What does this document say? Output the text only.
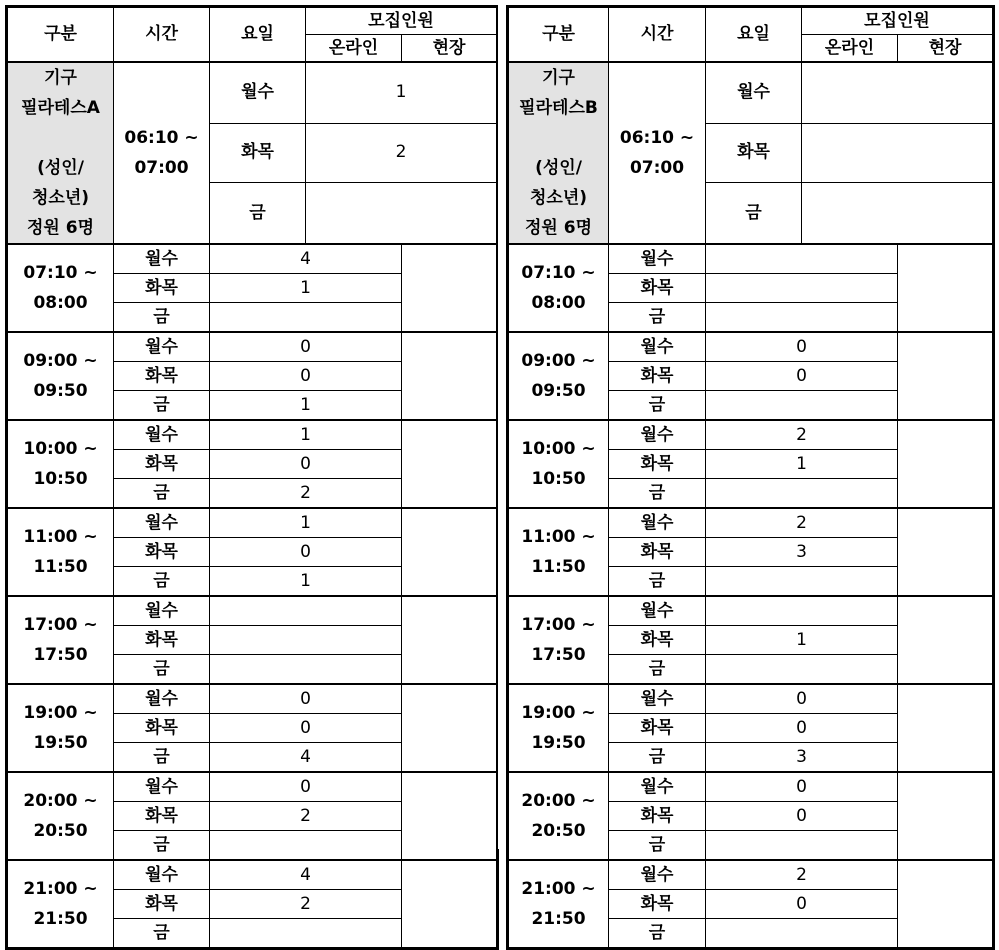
구분	시간	요일	모집인원	
			온라인	현장
기구
필라테스A

(성인/
청소년)
정원 6명	06:10 ~
07:00	월수	1	
		화목	2	
		금		
07:10 ~
08:00	월수	4		
	화목	1		
	금			
09:00 ~
09:50	월수	0		
	화목	0		
	금	1		
10:00 ~
10:50	월수	1		
	화목	0		
	금	2		
11:00 ~
11:50	월수	1		
	화목	0		
	금	1		
17:00 ~
17:50	월수			
	화목			
	금			
19:00 ~
19:50	월수	0		
	화목	0		
	금	4		
20:00 ~
20:50	월수	0		
	화목	2		
	금			
21:00 ~
21:50	월수	4		
	화목	2		
	금			
구분	시간	요일	모집인원	
			온라인	현장
기구
필라테스B

(성인/
청소년)
정원 6명	06:10 ~
07:00	월수		
		화목		
		금		
07:10 ~
08:00	월수			
	화목			
	금			
09:00 ~
09:50	월수	0		
	화목	0		
	금			
10:00 ~
10:50	월수	2		
	화목	1		
	금			
11:00 ~
11:50	월수	2		
	화목	3		
	금			
17:00 ~
17:50	월수			
	화목	1		
	금			
19:00 ~
19:50	월수	0		
	화목	0		
	금	3		
20:00 ~
20:50	월수	0		
	화목	0		
	금			
21:00 ~
21:50	월수	2		
	화목	0		
	금			
